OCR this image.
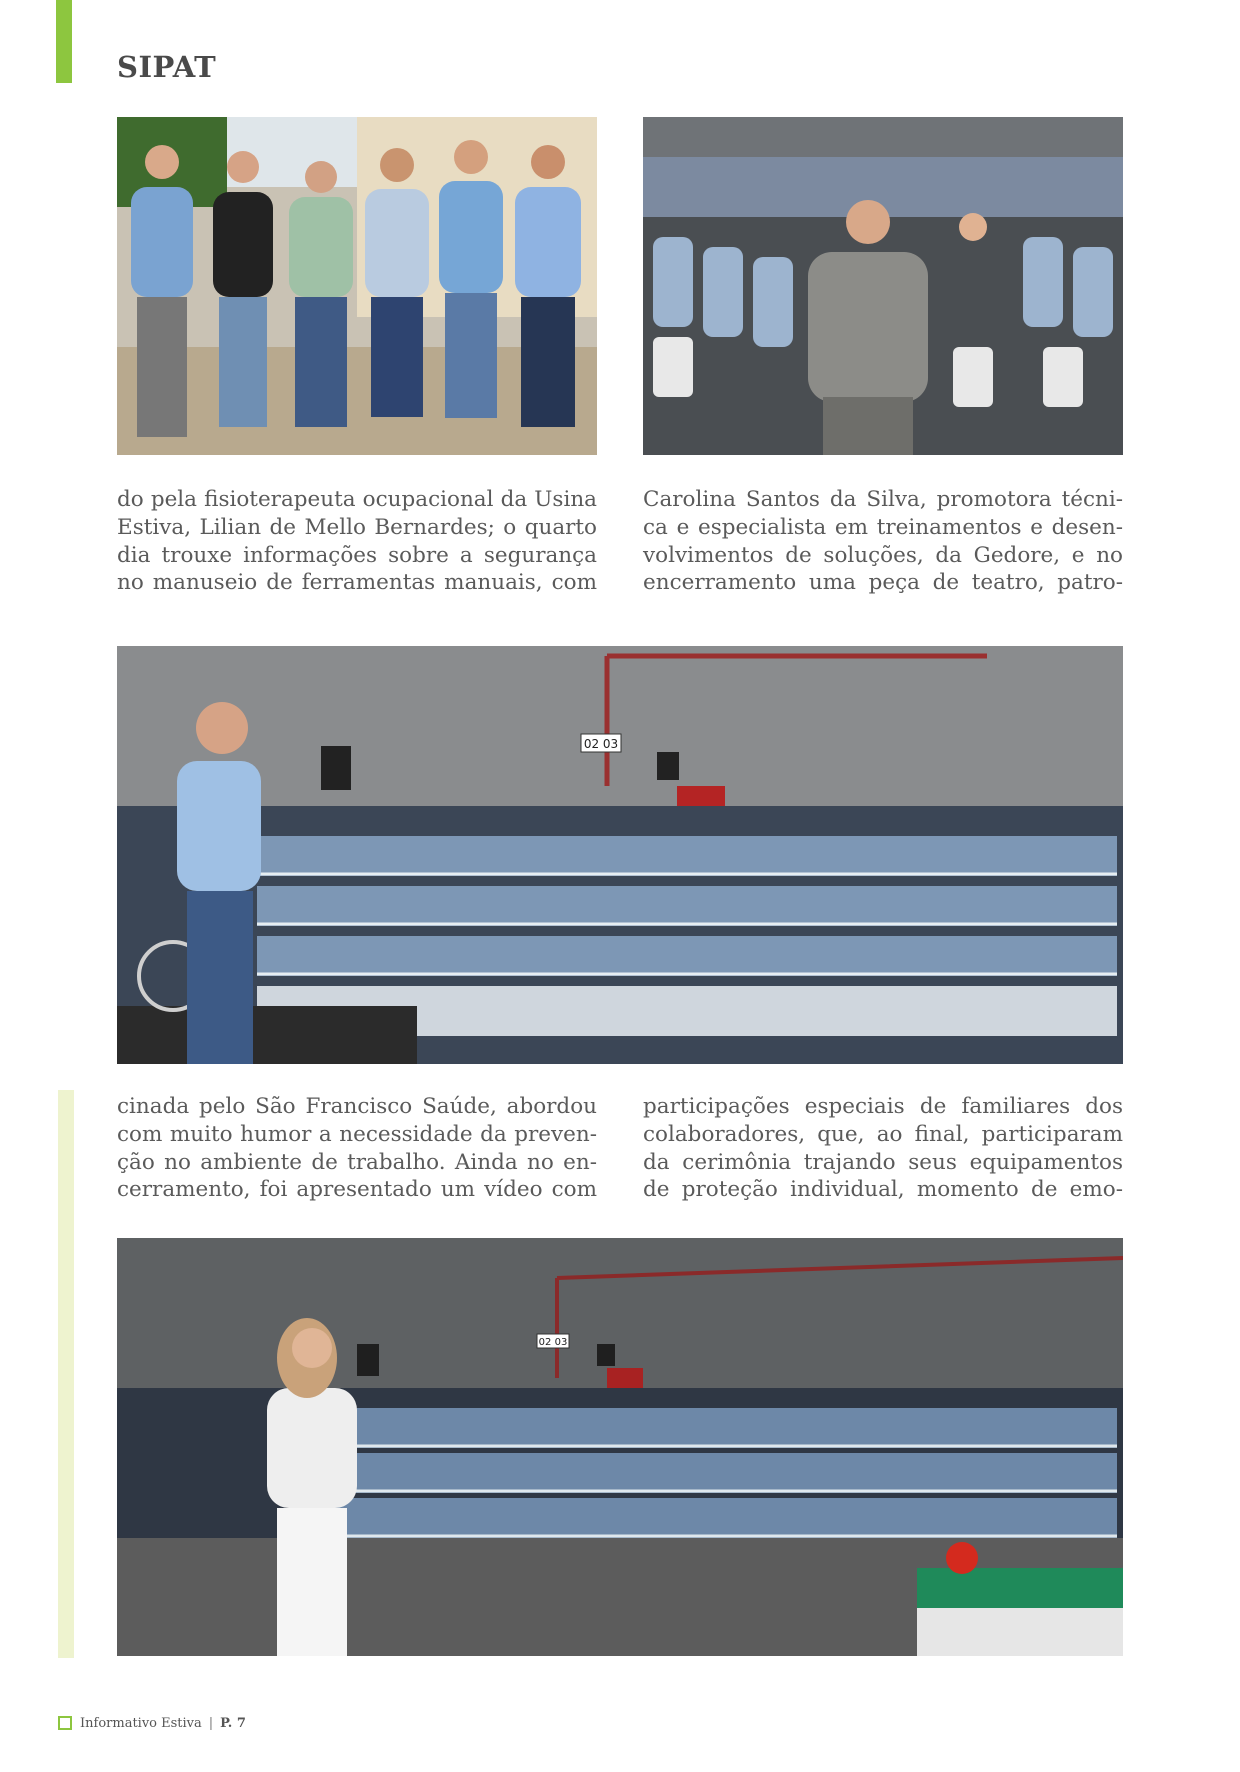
SIPAT

do pela fisioterapeuta ocupacional da Usina
Estiva, Lilian de Mello Bernardes; o quarto
dia trouxe informações sobre a segurança
no manuseio de ferramentas manuais, com

Carolina Santos da Silva, promotora técni-
ca e especialista em treinamentos e desen-
volvimentos de soluções, da Gedore, e no
encerramento uma peça de teatro, patro-

02 03

cinada pelo São Francisco Saúde, abordou
com muito humor a necessidade da preven-
ção no ambiente de trabalho. Ainda no en-
cerramento, foi apresentado um vídeo com

participações especiais de familiares dos
colaboradores, que, ao final, participaram
da cerimônia trajando seus equipamentos
de proteção individual, momento de emo-

02 03
Informativo Estiva | P. 7
